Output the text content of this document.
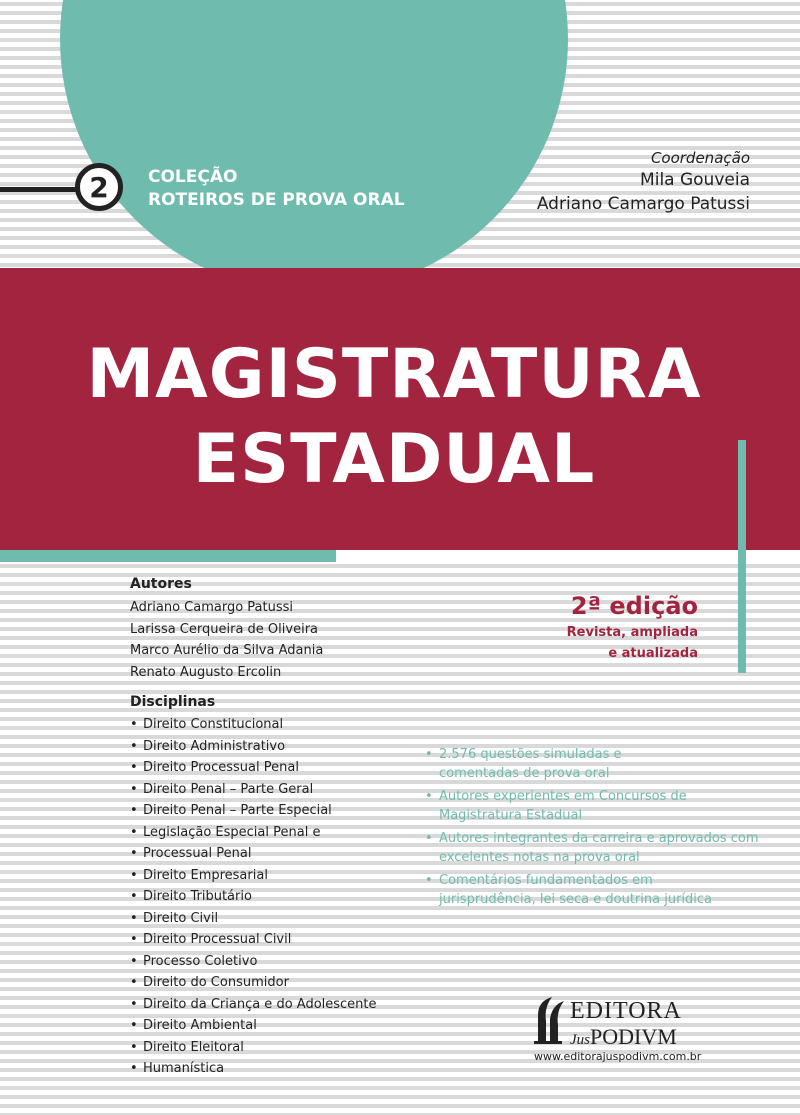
2 COLEÇÃO
ROTEIROS DE PROVA ORAL
Coordenação
Mila Gouveia
Adriano Camargo Patussi
MAGISTRATURA
ESTADUAL
Autores
Adriano Camargo Patussi
Larissa Cerqueira de Oliveira
Marco Aurélio da Silva Adania
Renato Augusto Ercolin
Disciplinas
• Direito Constitucional
• Direito Administrativo
• Direito Processual Penal
• Direito Penal – Parte Geral
• Direito Penal – Parte Especial
• Legislação Especial Penal e
• Processual Penal
• Direito Empresarial
• Direito Tributário
• Direito Civil
• Direito Processual Civil
• Processo Coletivo
• Direito do Consumidor
• Direito da Criança e do Adolescente
• Direito Ambiental
• Direito Eleitoral
• Humanística
2ª edição
Revista, ampliada
e atualizada
• 2.576 questões simuladas e comentadas de prova oral
• Autores experientes em Concursos de Magistratura Estadual
• Autores integrantes da carreira e aprovados com excelentes notas na prova oral
• Comentários fundamentados em jurisprudência, lei seca e doutrina jurídica
EDITORA
JusPODIVM
www.editorajuspodivm.com.br
